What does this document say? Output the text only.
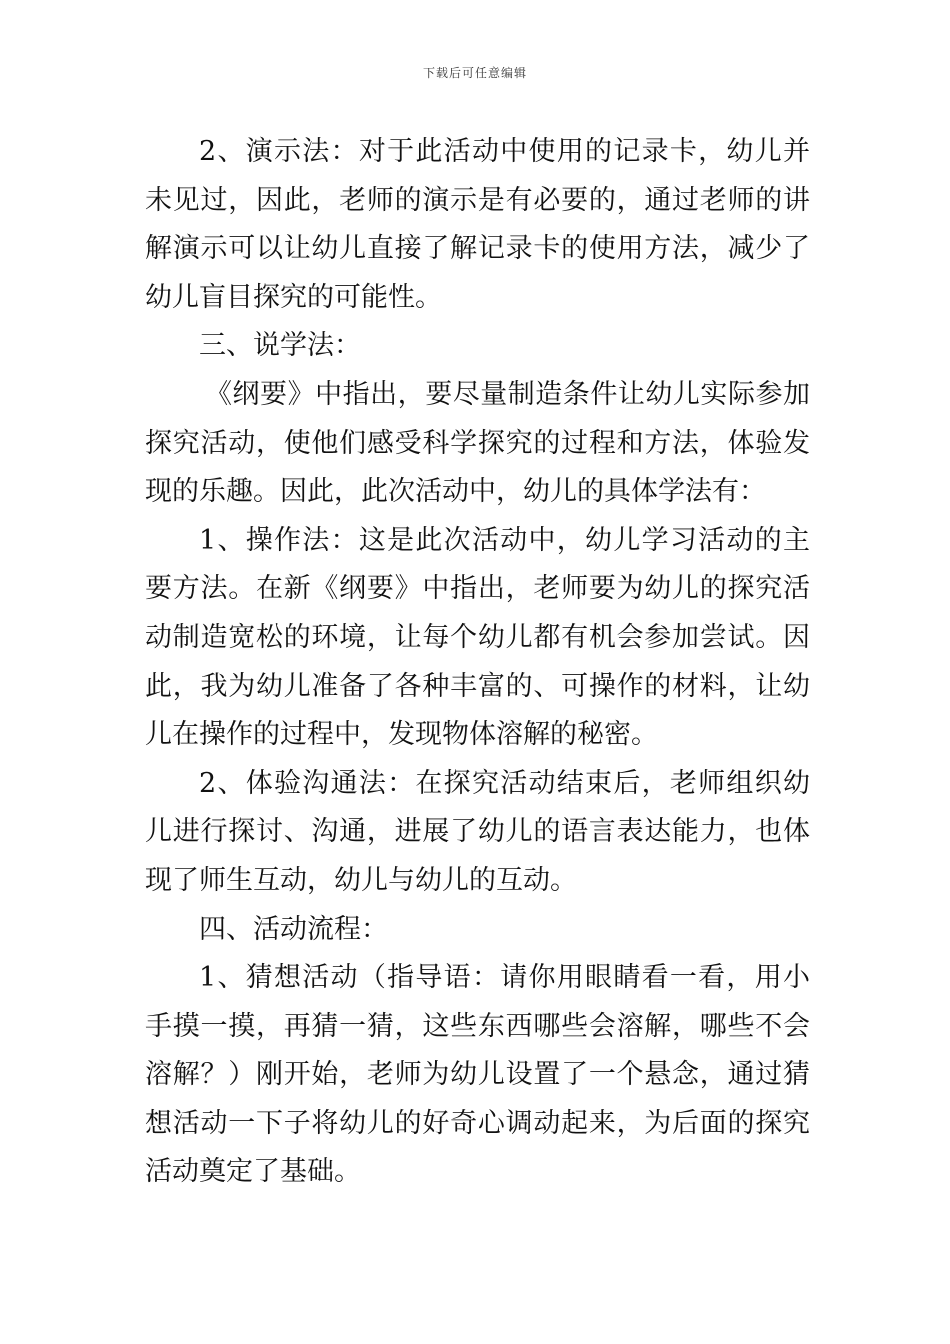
下载后可任意编辑

2、演示法：对于此活动中使用的记录卡，幼儿并未见过，因此，老师的演示是有必要的，通过老师的讲解演示可以让幼儿直接了解记录卡的使用方法，减少了幼儿盲目探究的可能性。

三、说学法：

《纲要》中指出，要尽量制造条件让幼儿实际参加探究活动，使他们感受科学探究的过程和方法，体验发现的乐趣。因此，此次活动中，幼儿的具体学法有：

1、操作法：这是此次活动中，幼儿学习活动的主要方法。在新《纲要》中指出，老师要为幼儿的探究活动制造宽松的环境，让每个幼儿都有机会参加尝试。因此，我为幼儿准备了各种丰富的、可操作的材料，让幼儿在操作的过程中，发现物体溶解的秘密。

2、体验沟通法：在探究活动结束后，老师组织幼儿进行探讨、沟通，进展了幼儿的语言表达能力，也体现了师生互动，幼儿与幼儿的互动。

四、活动流程：

1、猜想活动（指导语：请你用眼睛看一看，用小手摸一摸，再猜一猜，这些东西哪些会溶解，哪些不会溶解？）刚开始，老师为幼儿设置了一个悬念，通过猜想活动一下子将幼儿的好奇心调动起来，为后面的探究活动奠定了基础。
